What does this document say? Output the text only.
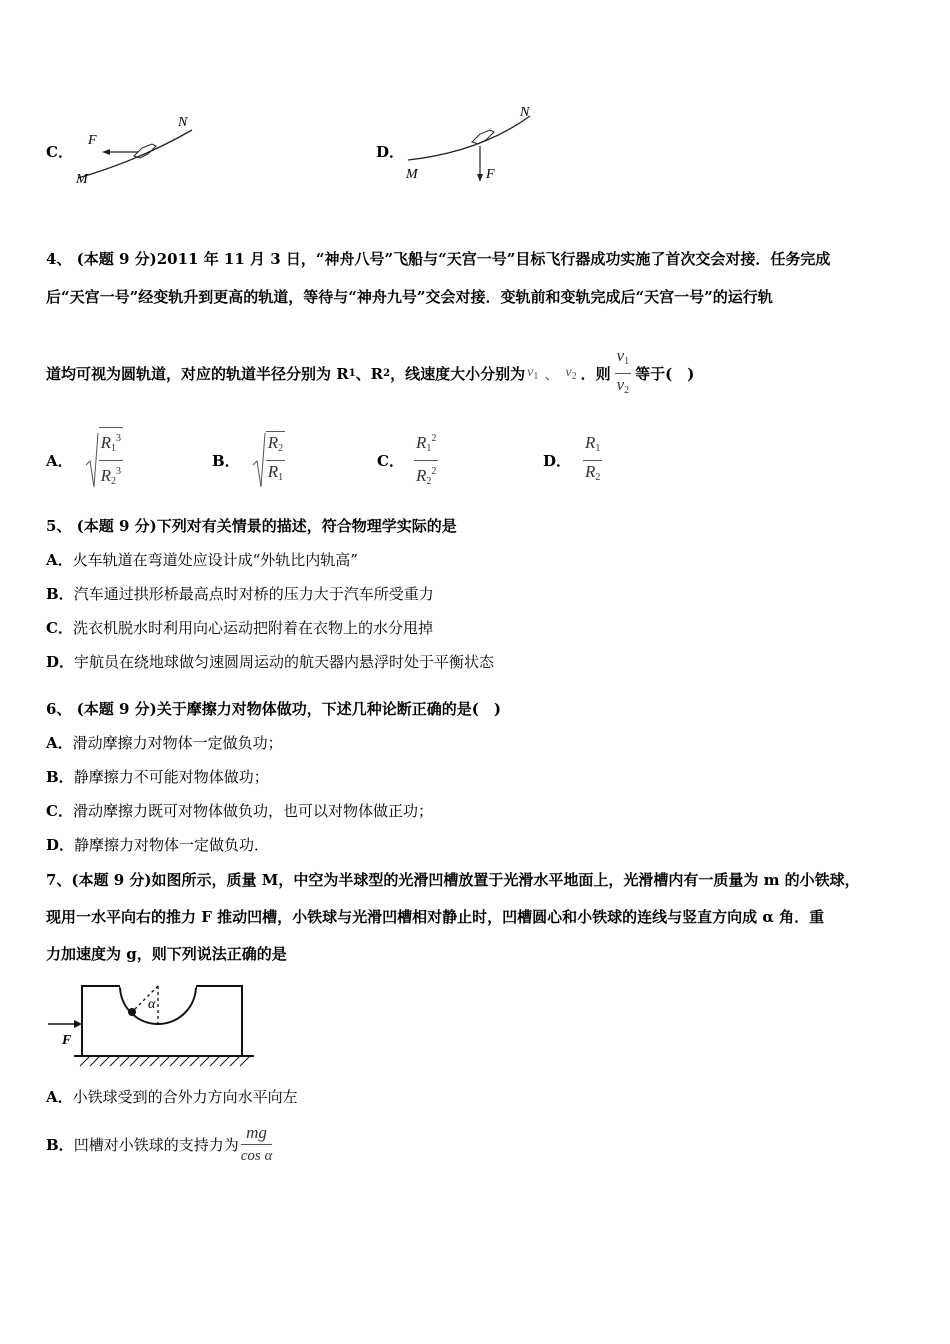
C．
F
N
M
D．
N
M	F
4、 (本题 9 分)2011 年 11 月 3 日，“神舟八号”飞船与“天宫一号”目标飞行器成功实施了首次交会对接．任务完成
后“天宫一号”经变轨升到更高的轨道，等待与“神舟九号”交会对接．变轨前和变轨完成后“天宫一号”的运行轨
道均可视为圆轨道，对应的轨道半径分别为 R 1 、R 2 ，线速度大小分别为 $v_1$ 、 $v_2$ ．则 $\frac{v_1}{v_2}$ 等于(　)
A． $\frac{R_1^3}{R_2^3}$	B． $\frac{R_2}{R_1}$	C． $\frac{R_1^2}{R_2^2}$	D． $\frac{R_1}{R_2}$
5、 (本题 9 分)下列对有关情景的描述，符合物理学实际的是
A．火车轨道在弯道处应设计成“外轨比内轨高”
B．汽车通过拱形桥最高点时对桥的压力大于汽车所受重力
C．洗衣机脱水时利用向心运动把附着在衣物上的水分甩掉
D．宇航员在绕地球做匀速圆周运动的航天器内悬浮时处于平衡状态
6、 (本题 9 分)关于摩擦力对物体做功，下述几种论断正确的是(　)
A．滑动摩擦力对物体一定做负功；
B．静摩擦力不可能对物体做功；
C．滑动摩擦力既可对物体做负功，也可以对物体做正功；
D．静摩擦力对物体一定做负功．
7、(本题 9 分)如图所示，质量 M，中空为半球型的光滑凹槽放置于光滑水平地面上，光滑槽内有一质量为 m 的小铁球，
现用一水平向右的推力 F 推动凹槽，小铁球与光滑凹槽相对静止时，凹槽圆心和小铁球的连线与竖直方向成 α 角．重
力加速度为 g，则下列说法正确的是
α
F
A．小铁球受到的合外力方向水平向左
B． 凹槽对小铁球的支持力为 $\frac{mg}{\text{cos α}}$
